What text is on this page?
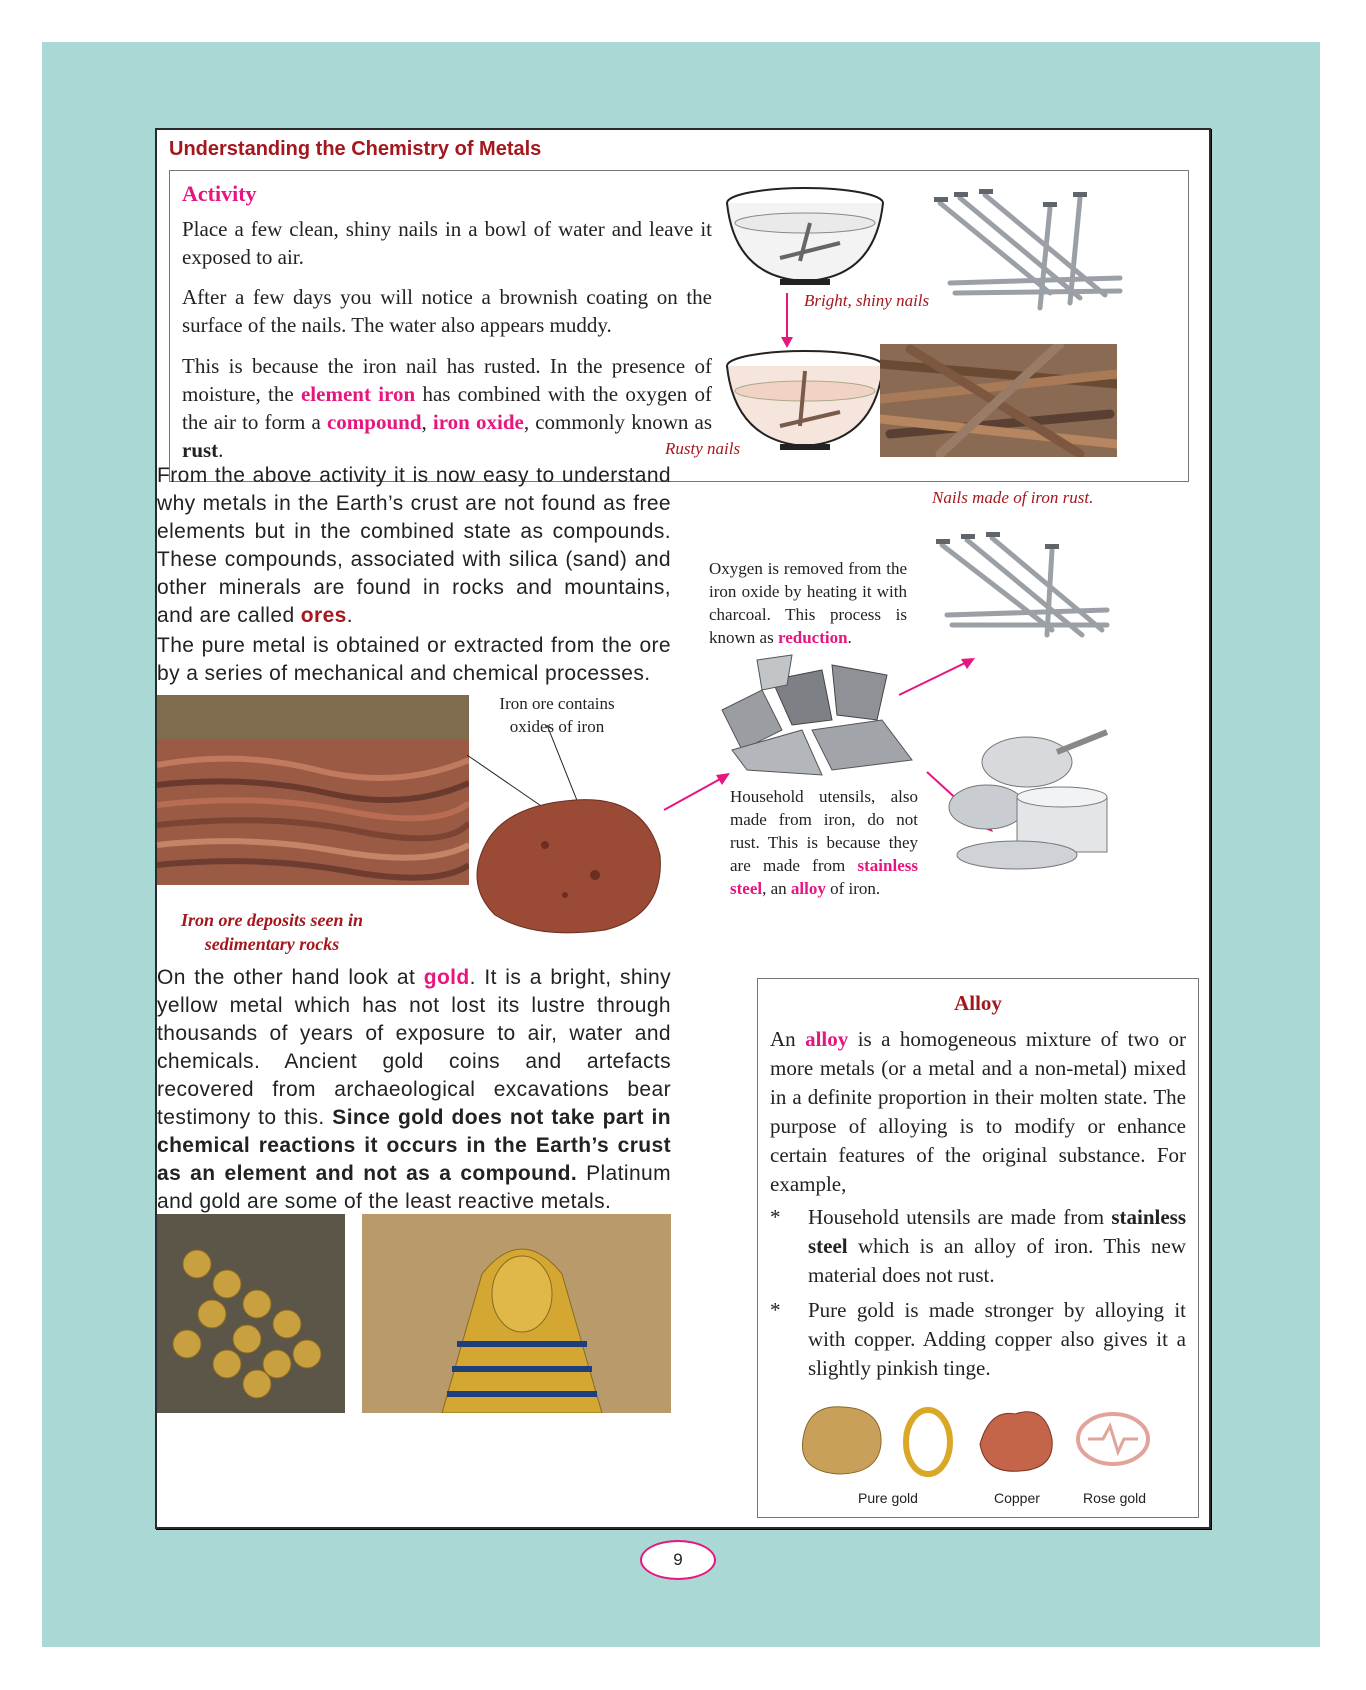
Understanding the Chemistry of Metals
Activity
Place a few clean, shiny nails in a bowl of water and leave it exposed to air.
After a few days you will notice a brownish coating on the surface of the nails. The water also appears muddy.
This is because the iron nail has rusted. In the presence of moisture, the element iron has combined with the oxygen of the air to form a compound, iron oxide, commonly known as rust.
Bright, shiny nails
Rusty nails
Nails made of iron rust.
From the above activity it is now easy to understand why metals in the Earth’s crust are not found as free elements but in the combined state as compounds. These compounds, associated with silica (sand) and other minerals are found in rocks and mountains, and are called ores.
The pure metal is obtained or extracted from the ore by a series of mechanical and chemical processes.
Oxygen is removed from the iron oxide by heating it with charcoal. This process is known as reduction.
Household utensils, also made from iron, do not rust. This is because they are made from stainless steel, an alloy of iron.
Iron ore contains oxides of iron
Iron ore deposits seen in sedimentary rocks
On the other hand look at gold. It is a bright, shiny yellow metal which has not lost its lustre through thousands of years of exposure to air, water and chemicals. Ancient gold coins and artefacts recovered from archaeological excavations bear testimony to this. Since gold does not take part in chemical reactions it occurs in the Earth’s crust as an element and not as a compound. Platinum and gold are some of the least reactive metals.
Alloy
An alloy is a homogeneous mixture of two or more metals (or a metal and a non-metal) mixed in a definite proportion in their molten state. The purpose of alloying is to modify or enhance certain features of the original substance. For example,
* Household utensils are made from stainless steel which is an alloy of iron. This new material does not rust.
* Pure gold is made stronger by alloying it with copper. Adding copper also gives it a slightly pinkish tinge.
Pure gold	Copper	Rose gold
9
